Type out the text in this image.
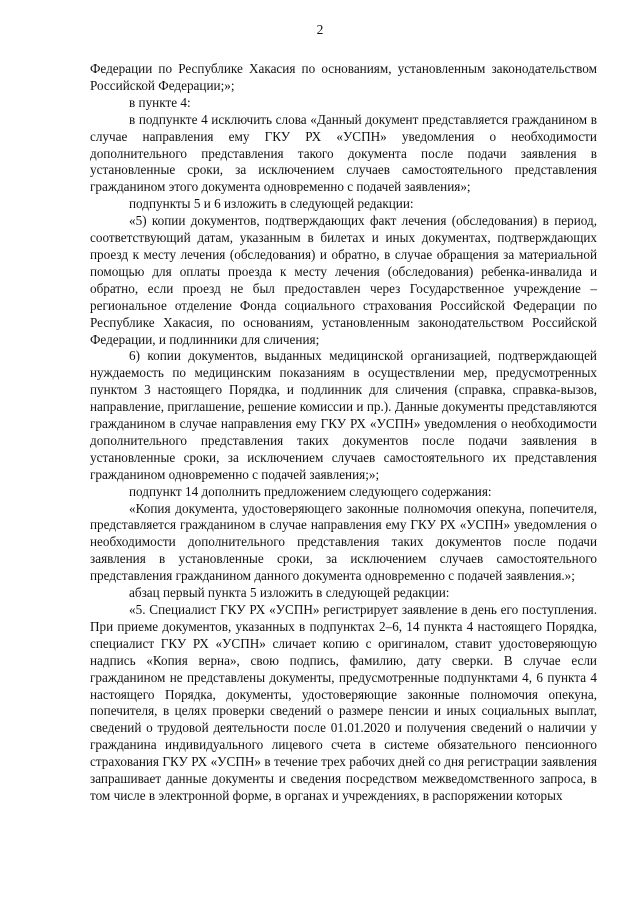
2

Федерации по Республике Хакасия по основаниям, установленным законодательством Российской Федерации;»;

в пункте 4:

в подпункте 4 исключить слова «Данный документ представляется гражданином в случае направления ему ГКУ РХ «УСПН» уведомления о необходимости дополнительного представления такого документа после подачи заявления в установленные сроки, за исключением случаев самостоятельного представления гражданином этого документа одновременно с подачей заявления»;

подпункты 5 и 6 изложить в следующей редакции:

«5) копии документов, подтверждающих факт лечения (обследования) в период, соответствующий датам, указанным в билетах и иных документах, подтверждающих проезд к месту лечения (обследования) и обратно, в случае обращения за материальной помощью для оплаты проезда к месту лечения (обследования) ребенка-инвалида и обратно, если проезд не был предоставлен через Государственное учреждение – региональное отделение Фонда социального страхования Российской Федерации по Республике Хакасия, по основаниям, установленным законодательством Российской Федерации, и подлинники для сличения;

6) копии документов, выданных медицинской организацией, подтверждающей нуждаемость по медицинским показаниям в осуществлении мер, предусмотренных пунктом 3 настоящего Порядка, и подлинник для сличения (справка, справка-вызов, направление, приглашение, решение комиссии и пр.). Данные документы представляются гражданином в случае направления ему ГКУ РХ «УСПН» уведомления о необходимости дополнительного представления таких документов после подачи заявления в установленные сроки, за исключением случаев самостоятельного их представления гражданином одновременно с подачей заявления;»;

подпункт 14 дополнить предложением следующего содержания:

«Копия документа, удостоверяющего законные полномочия опекуна, попечителя, представляется гражданином в случае направления ему ГКУ РХ «УСПН» уведомления о необходимости дополнительного представления таких документов после подачи заявления в установленные сроки, за исключением случаев самостоятельного представления гражданином данного документа одновременно с подачей заявления.»;

абзац первый пункта 5 изложить в следующей редакции:

«5. Специалист ГКУ РХ «УСПН» регистрирует заявление в день его поступления. При приеме документов, указанных в подпунктах 2–6, 14 пункта 4 настоящего Порядка, специалист ГКУ РХ «УСПН» сличает копию с оригиналом, ставит удостоверяющую надпись «Копия верна», свою подпись, фамилию, дату сверки. В случае если гражданином не представлены документы, предусмотренные подпунктами 4, 6 пункта 4 настоящего Порядка, документы, удостоверяющие законные полномочия опекуна, попечителя, в целях проверки сведений о размере пенсии и иных социальных выплат, сведений о трудовой деятельности после 01.01.2020 и получения сведений о наличии у гражданина индивидуального лицевого счета в системе обязательного пенсионного страхования ГКУ РХ «УСПН» в течение трех рабочих дней со дня регистрации заявления запрашивает данные документы и сведения посредством межведомственного запроса, в том числе в электронной форме, в органах и учреждениях, в распоряжении которых
